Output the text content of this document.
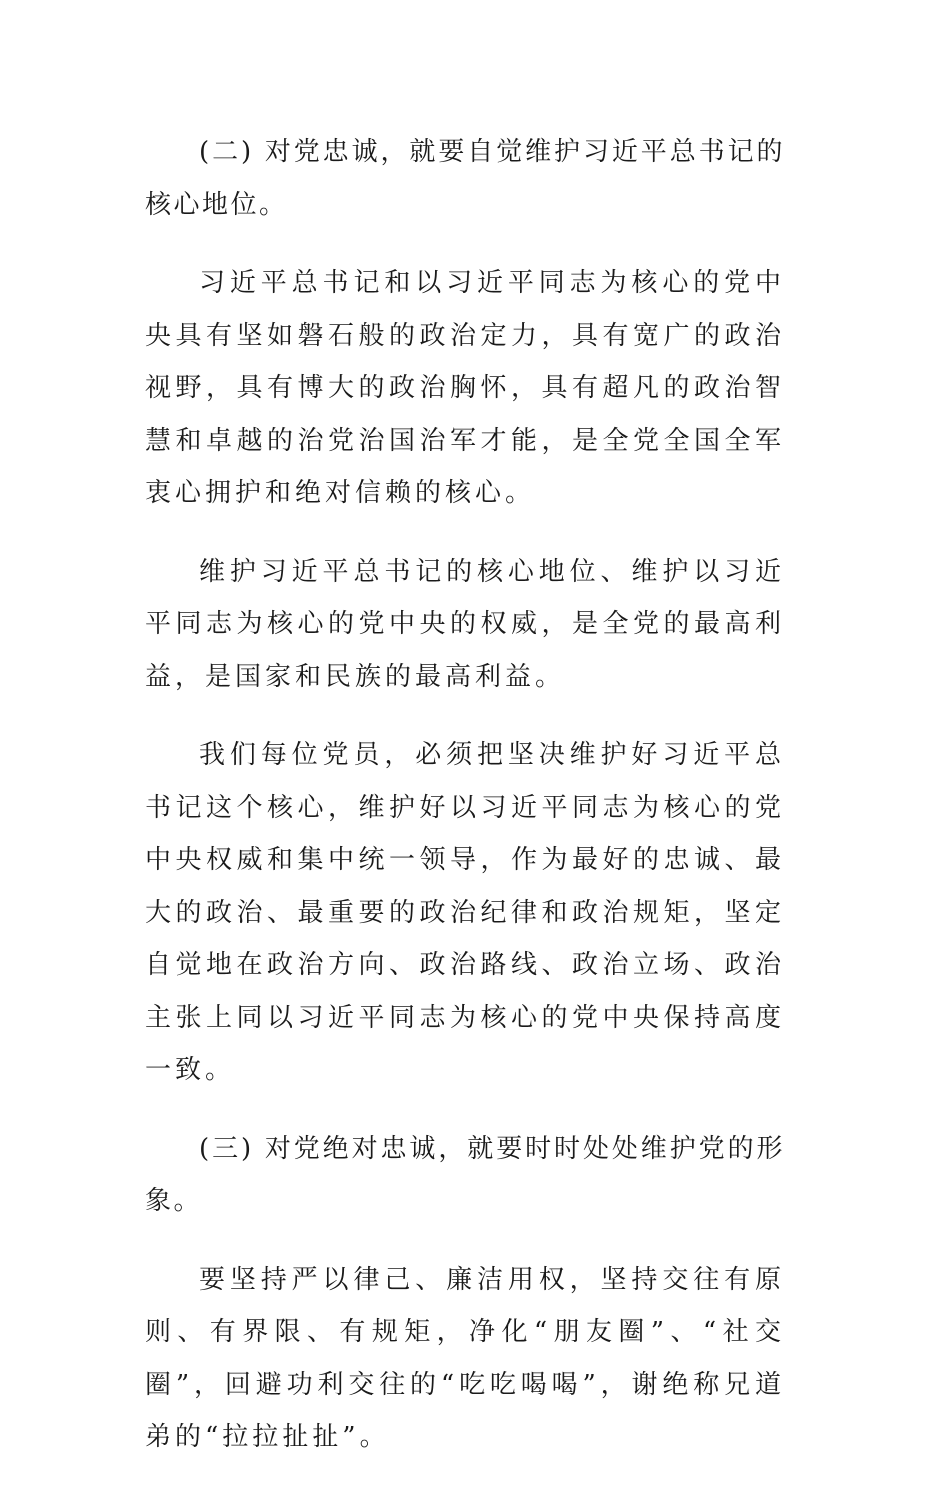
(二) 对党忠诚，就要自觉维护习近平总书记的核心地位。

习近平总书记和以习近平同志为核心的党中央具有坚如磐石般的政治定力，具有宽广的政治视野，具有博大的政治胸怀，具有超凡的政治智慧和卓越的治党治国治军才能，是全党全国全军衷心拥护和绝对信赖的核心。

维护习近平总书记的核心地位、维护以习近平同志为核心的党中央的权威，是全党的最高利益，是国家和民族的最高利益。

我们每位党员，必须把坚决维护好习近平总书记这个核心，维护好以习近平同志为核心的党中央权威和集中统一领导，作为最好的忠诚、最大的政治、最重要的政治纪律和政治规矩，坚定自觉地在政治方向、政治路线、政治立场、政治主张上同以习近平同志为核心的党中央保持高度一致。

(三) 对党绝对忠诚，就要时时处处维护党的形象。

要坚持严以律己、廉洁用权，坚持交往有原则、有界限、有规矩，净化“朋友圈”、“社交圈”，回避功利交往的“吃吃喝喝”，谢绝称兄道弟的“拉拉扯扯”。
